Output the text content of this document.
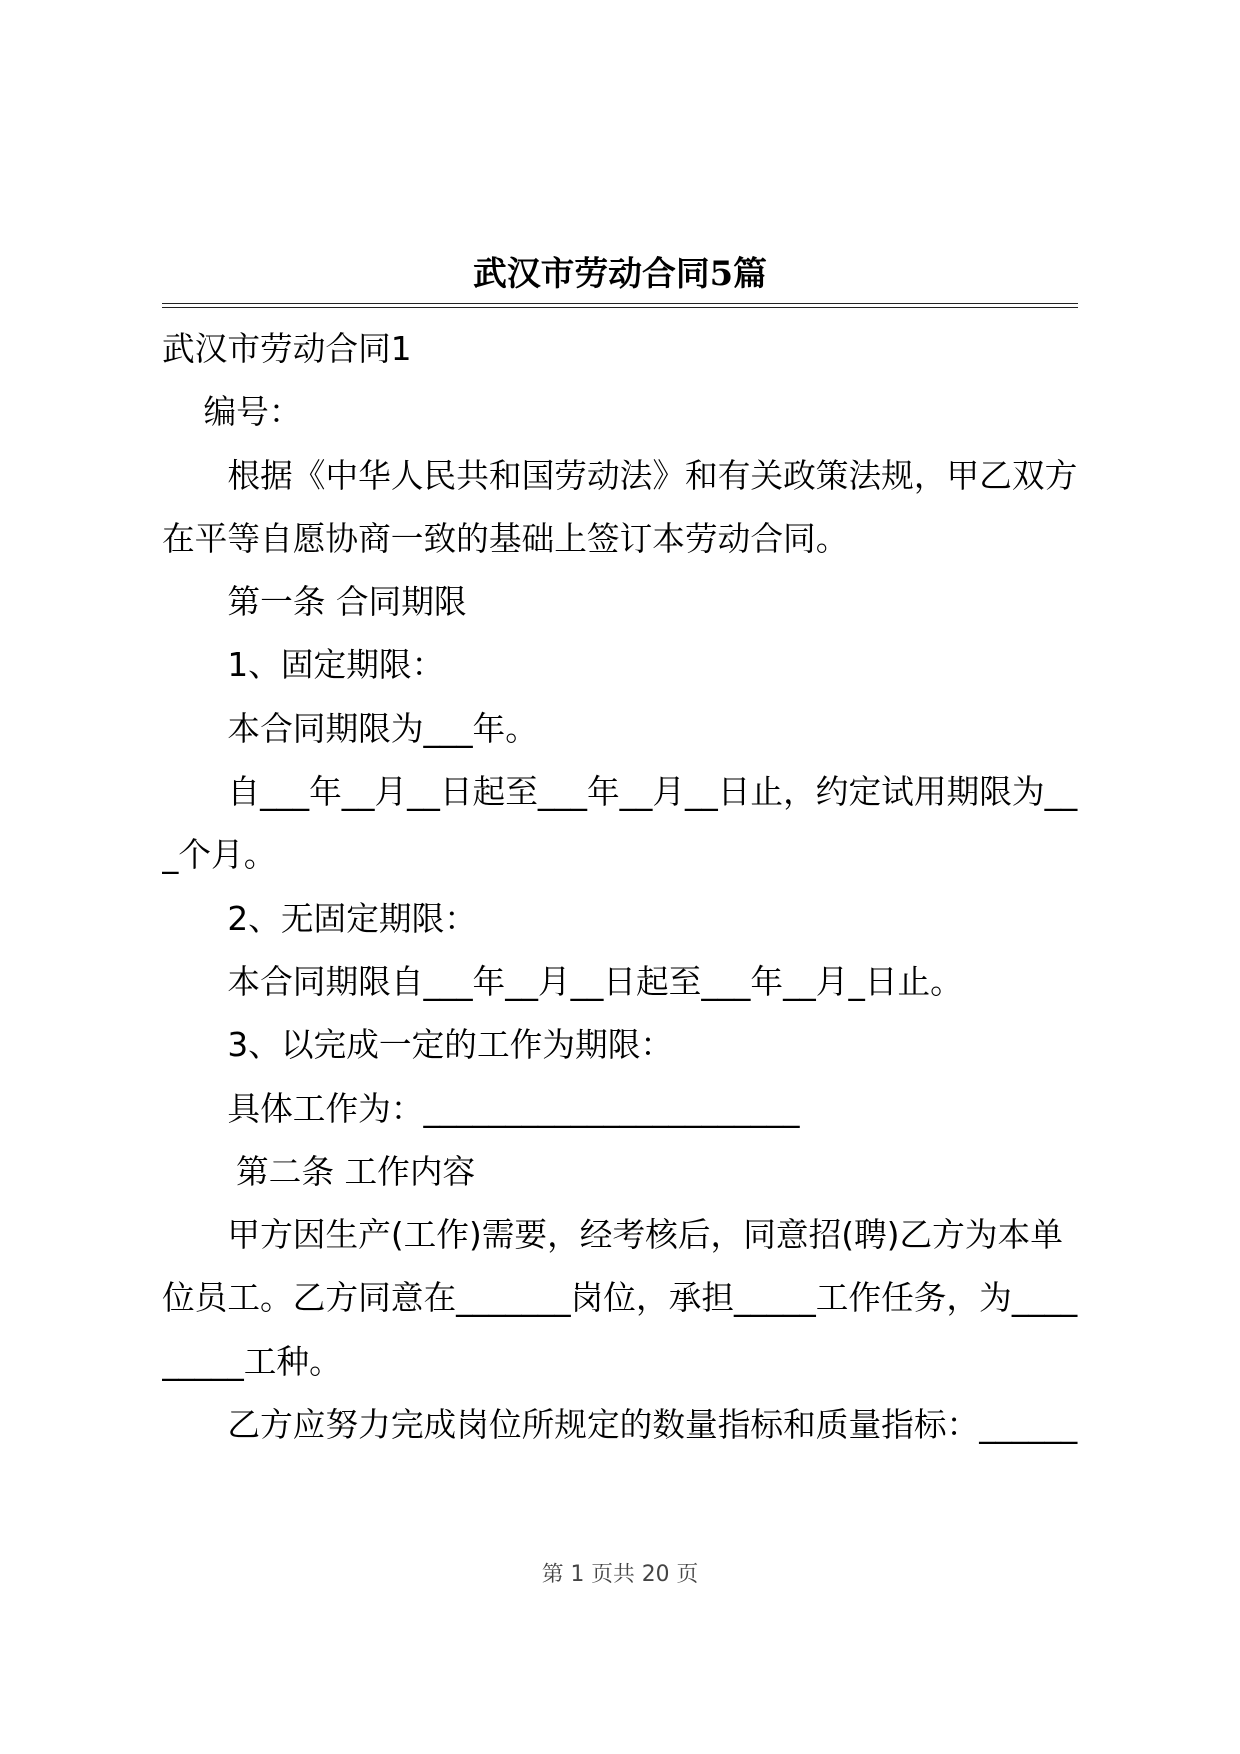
武汉市劳动合同5篇
武汉市劳动合同1
编号：
根据《中华人民共和国劳动法》和有关政策法规，甲乙双方
在平等自愿协商一致的基础上签订本劳动合同。
第一条 合同期限
1、固定期限：
本合同期限为___年。
自___年__月__日起至___年__月__日止，约定试用期限为__
_个月。
2、无固定期限：
本合同期限自___年__月__日起至___年__月_日止。
3、以完成一定的工作为期限：
具体工作为：_______________________
第二条 工作内容
甲方因生产(工作)需要，经考核后，同意招(聘)乙方为本单
位员工。乙方同意在_______岗位，承担_____工作任务，为____
_____工种。
乙方应努力完成岗位所规定的数量指标和质量指标：______
第 1 页共 20 页
